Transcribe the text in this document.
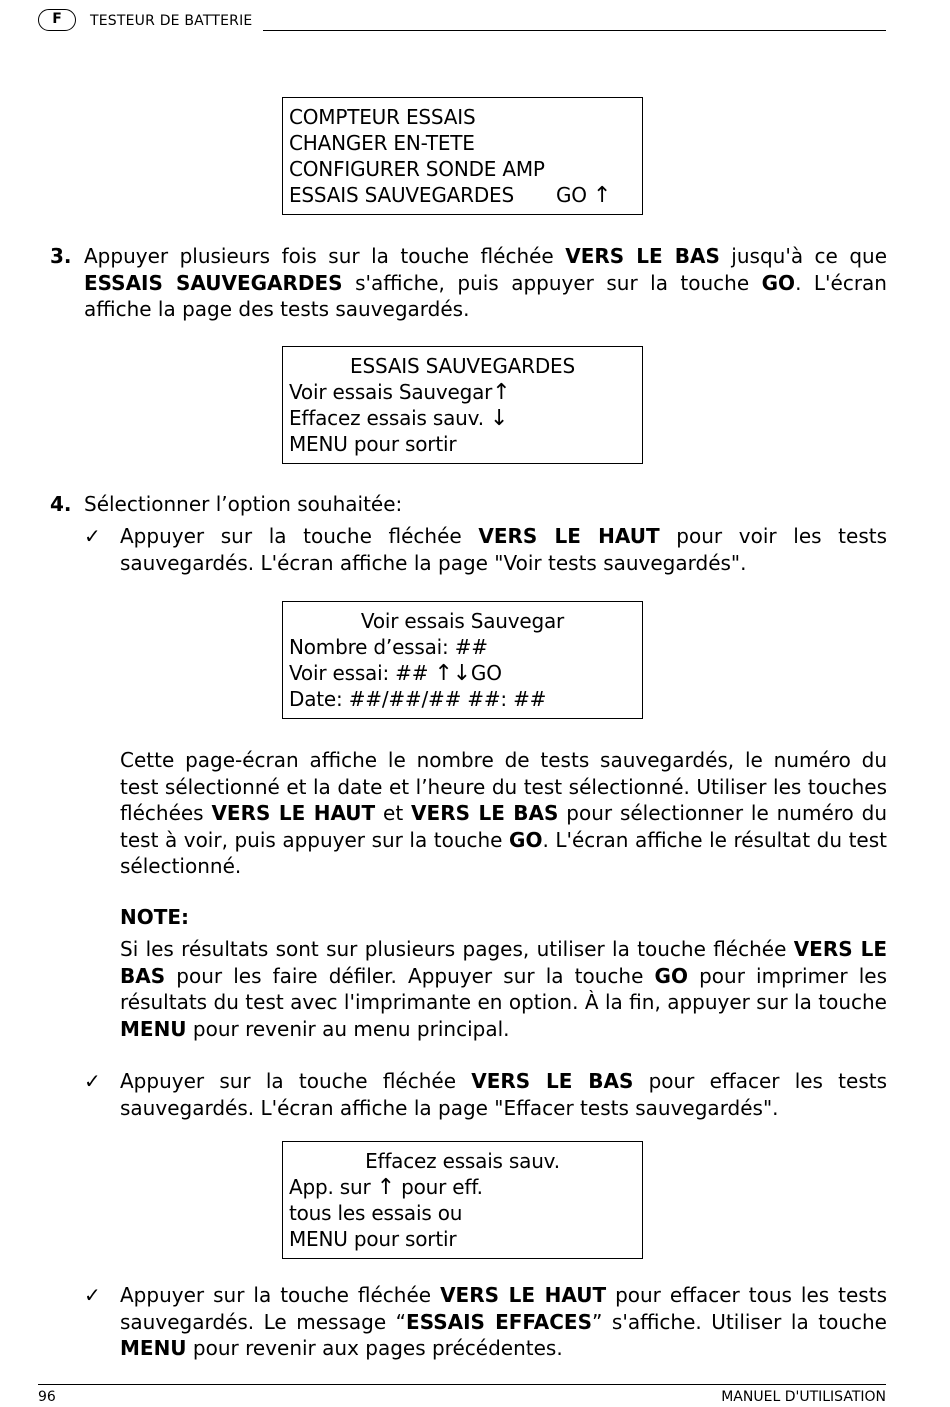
F	TESTEUR DE BATTERIE
COMPTEUR ESSAIS
CHANGER EN-TETE
CONFIGURER SONDE AMP
ESSAIS SAUVEGARDES GO ↑
3. Appuyer plusieurs fois sur la touche fléchée VERS LE BAS jusqu'à ce que ESSAIS SAUVEGARDES s'affiche, puis appuyer sur la touche GO. L'écran affiche la page des tests sauvegardés.
ESSAIS SAUVEGARDES
Voir essais Sauvegar↑
Effacez essais sauv. ↓
MENU pour sortir
4. Sélectionner l’option souhaitée:
✓ Appuyer sur la touche fléchée VERS LE HAUT pour voir les tests sauvegardés. L'écran affiche la page "Voir tests sauvegardés".
Voir essais Sauvegar
Nombre d’essai: ##
Voir essai: ## ↑↓GO
Date: ##/##/## ##: ##
Cette page-écran affiche le nombre de tests sauvegardés, le numéro du test sélectionné et la date et l’heure du test sélectionné. Utiliser les touches fléchées VERS LE HAUT et VERS LE BAS pour sélectionner le numéro du test à voir, puis appuyer sur la touche GO. L'écran affiche le résultat du test sélectionné.
NOTE:
Si les résultats sont sur plusieurs pages, utiliser la touche fléchée VERS LE BAS pour les faire défiler. Appuyer sur la touche GO pour imprimer les résultats du test avec l'imprimante en option. À la fin, appuyer sur la touche MENU pour revenir au menu principal.
✓ Appuyer sur la touche fléchée VERS LE BAS pour effacer les tests sauvegardés. L'écran affiche la page "Effacer tests sauvegardés".
Effacez essais sauv.
App. sur ↑ pour eff.
tous les essais ou
MENU pour sortir
✓ Appuyer sur la touche fléchée VERS LE HAUT pour effacer tous les tests sauvegardés. Le message “ESSAIS EFFACES” s'affiche. Utiliser la touche MENU pour revenir aux pages précédentes.
96	MANUEL D'UTILISATION
